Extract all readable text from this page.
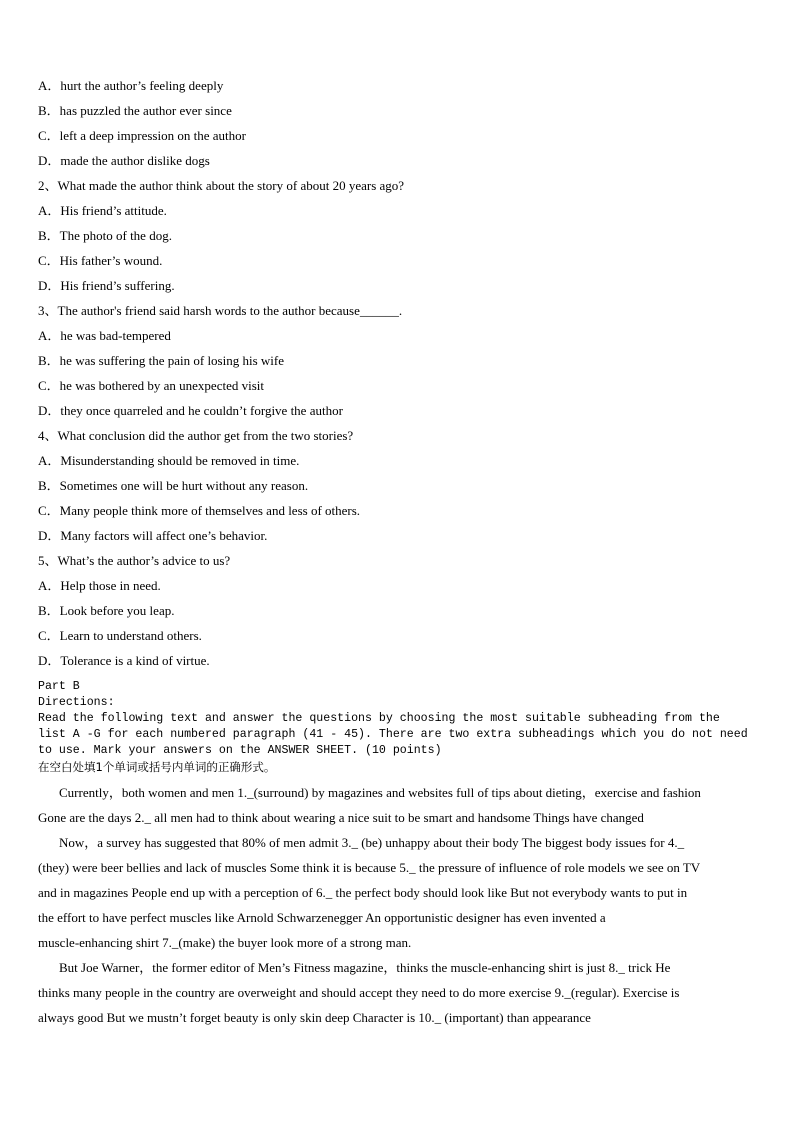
A．hurt the author’s feeling deeply
B．has puzzled the author ever since
C．left a deep impression on the author
D．made the author dislike dogs
2、What made the author think about the story of about 20 years ago?
A．His friend’s attitude.
B．The photo of the dog.
C．His father’s wound.
D．His friend’s suffering.
3、The author's friend said harsh words to the author because______.
A．he was bad-tempered
B．he was suffering the pain of losing his wife
C．he was bothered by an unexpected visit
D．they once quarreled and he couldn’t forgive the author
4、What conclusion did the author get from the two stories?
A．Misunderstanding should be removed in time.
B．Sometimes one will be hurt without any reason.
C．Many people think more of themselves and less of others.
D．Many factors will affect one’s behavior.
5、What’s the author’s advice to us?
A．Help those in need.
B．Look before you leap.
C．Learn to understand others.
D．Tolerance is a kind of virtue.
Part B
Directions:
Read the following text and answer the questions by choosing the most suitable subheading from the
list A -G for each numbered paragraph (41 - 45). There are two extra subheadings which you do not need
to use. Mark your answers on the ANSWER SHEET. (10 points)
在空白处填1个单词或括号内单词的正确形式。
Currently，both women and men 1._(surround) by magazines and websites full of tips about dieting，exercise and fashion
Gone are the days 2._ all men had to think about wearing a nice suit to be smart and handsome Things have changed
Now，a survey has suggested that 80% of men admit 3._ (be) unhappy about their body The biggest body issues for 4._
(they) were beer bellies and lack of muscles Some think it is because 5._ the pressure of influence of role models we see on TV
and in magazines People end up with a perception of 6._ the perfect body should look like But not everybody wants to put in
the effort to have perfect muscles like Arnold Schwarzenegger An opportunistic designer has even invented a
muscle-enhancing shirt 7._(make) the buyer look more of a strong man.
But Joe Warner，the former editor of Men’s Fitness magazine，thinks the muscle-enhancing shirt is just 8._ trick He
thinks many people in the country are overweight and should accept they need to do more exercise 9._(regular). Exercise is
always good But we mustn’t forget beauty is only skin deep Character is 10._ (important) than appearance
